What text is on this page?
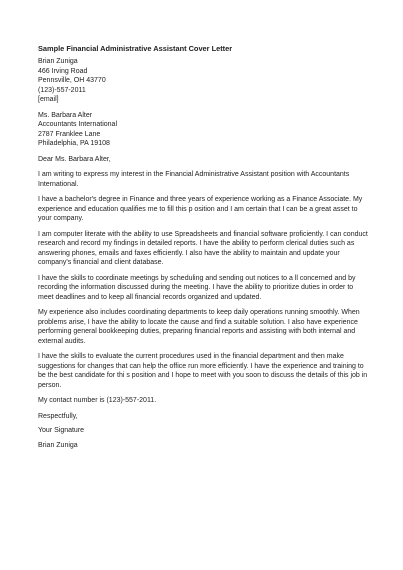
Sample Financial Administrative Assistant Cover Letter
Brian Zuniga
466 Irving Road
Pennsville, OH 43770
(123)-557-2011
[email]
Ms. Barbara Alter
Accountants International
2787 Franklee Lane
Philadelphia, PA 19108

Dear Ms. Barbara Alter,

I am writing to express my interest in the Financial Administrative Assistant position with Accountants International.

I have a bachelor's degree in Finance and three years of experience working as a Finance Associate. My experience and education qualifies me to fill this p osition and I am certain that I can be a great asset to your company.

I am computer literate with the ability to use Spreadsheets and financial software proficiently. I can conduct research and record my findings in detailed reports. I have the ability to perform clerical duties such as answering phones, emails and faxes efficiently. I also have the ability to maintain and update your company's financial and client database.

I have the skills to coordinate meetings by scheduling and sending out notices to a ll concerned and by recording the information discussed during the meeting. I have the ability to prioritize duties in order to meet deadlines and to keep all financial records organized and updated.

My experience also includes coordinating departments to keep daily operations running smoothly. When problems arise, I have the ability to locate the cause and find a suitable solution. I also have experience performing general bookkeeping duties, preparing financial reports and assisting with both internal and external audits.

I have the skills to evaluate the current procedures used in the financial department and then make suggestions for changes that can help the office run more efficiently. I have the experience and training to be the best candidate for thi s position and I hope to meet with you soon to discuss the details of this job in person.

My contact number is (123)-557-2011.

Respectfully,

Your Signature

Brian Zuniga
